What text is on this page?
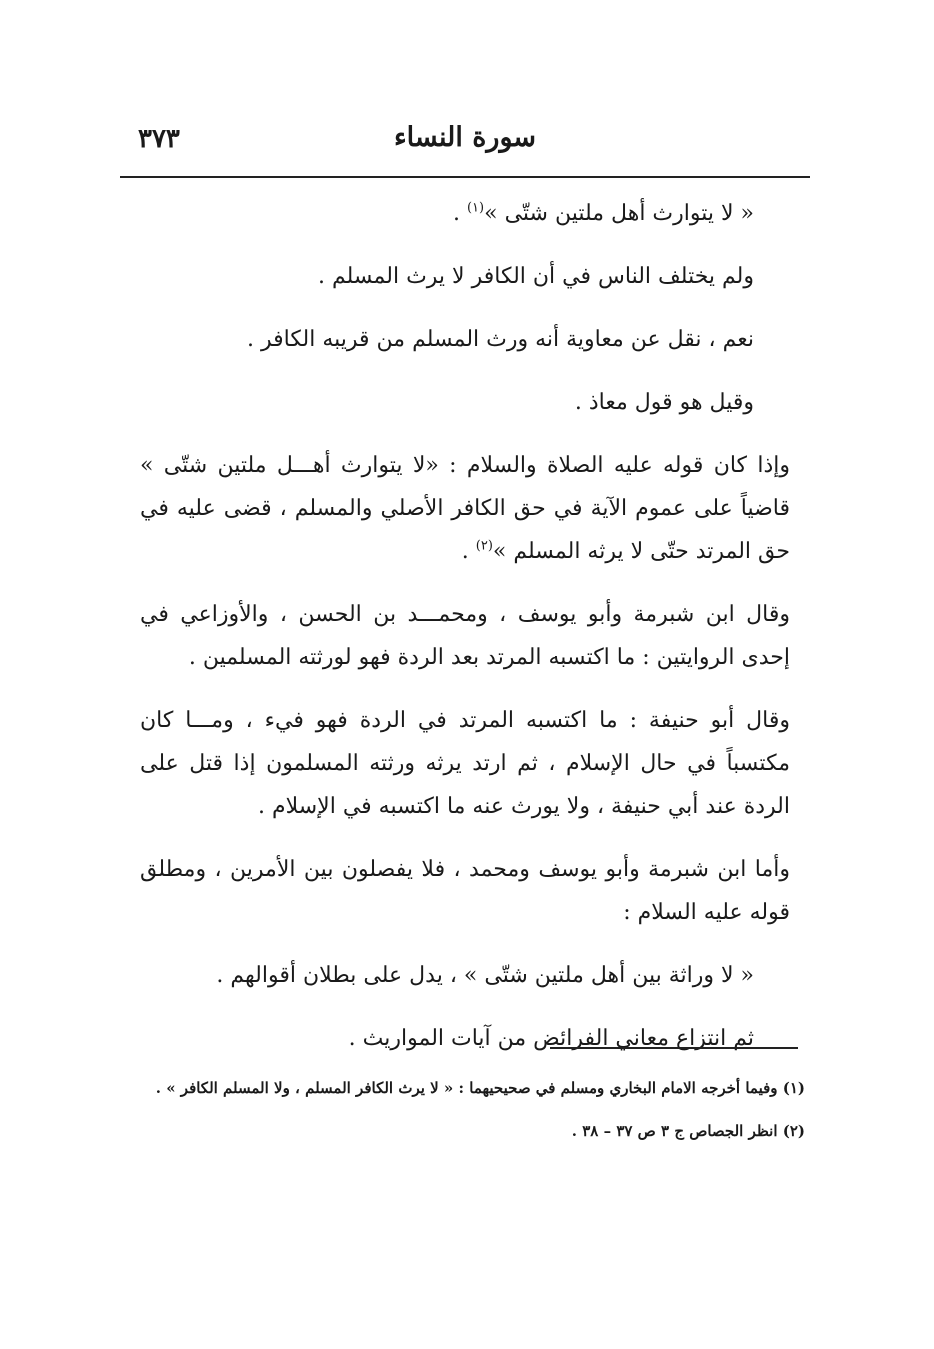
٣٧٣	سورة النساء

« لا يتوارث أهل ملتين شتّى »$^{(١)}$ .

ولم يختلف الناس في أن الكافر لا يرث المسلم .

نعم ، نقل عن معاوية أنه ورث المسلم من قريبه الكافر .

وقيل هو قول معاذ .

وإذا كان قوله عليه الصلاة والسلام : «لا يتوارث أهـــل ملتين شتّى » قاضياً على عموم الآية في حق الكافر الأصلي والمسلم ، قضى عليه في حق المرتد حتّى لا يرثه المسلم »$^{(٢)}$ .

وقال ابن شبرمة وأبو يوسف ، ومحمـــد بن الحسن ، والأوزاعي في إحدى الروايتين : ما اكتسبه المرتد بعد الردة فهو لورثته المسلمين .

وقال أبو حنيفة : ما اكتسبه المرتد في الردة فهو فيء ، ومـــا كان مكتسباً في حال الإسلام ، ثم ارتد يرثه ورثته المسلمون إذا قتل على الردة عند أبي حنيفة ، ولا يورث عنه ما اكتسبه في الإسلام .

وأما ابن شبرمة وأبو يوسف ومحمد ، فلا يفصلون بين الأمرين ، ومطلق قوله عليه السلام :

« لا وراثة بين أهل ملتين شتّى » ، يدل على بطلان أقوالهم .

ثم انتزاع معاني الفرائض من آيات المواريث .

(١) وفيما أخرجه الامام البخاري ومسلم في صحيحيهما : « لا يرث الكافر المسلم ، ولا المسلم الكافر » .

(٢) انظر الجصاص ج ٣ ص ٣٧ – ٣٨ .
